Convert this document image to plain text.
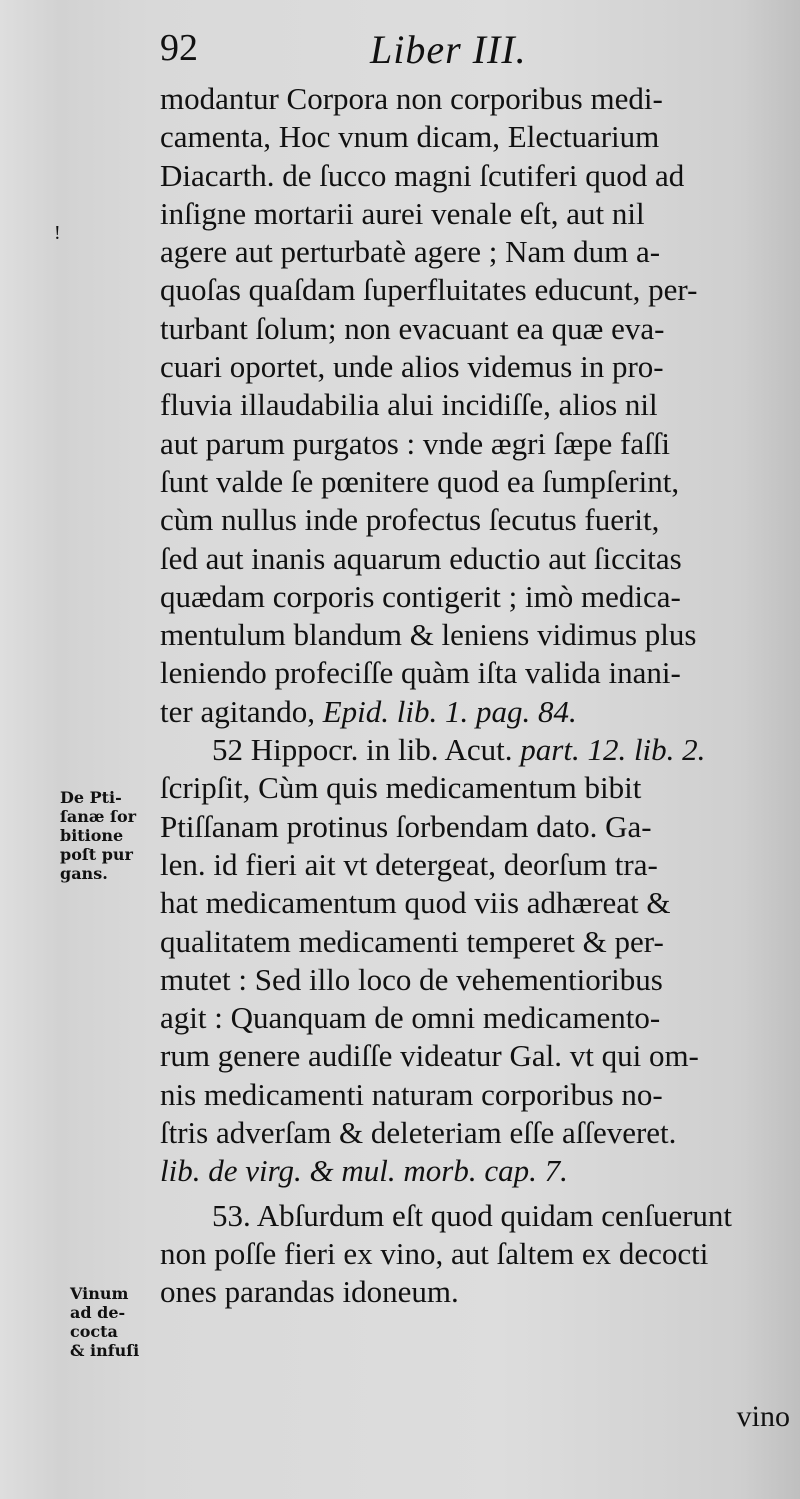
92	Liber III.
!
modantur Corpora non corporibus medi-
camenta, Hoc vnum dicam, Electuarium
Diacarth. de ſucco magni ſcutiferi quod ad
inſigne mortarii aurei venale eſt, aut nil
agere aut perturbatè agere ; Nam dum a-
quoſas quaſdam ſuperfluitates educunt, per-
turbant ſolum; non evacuant ea quæ eva-
cuari oportet, unde alios videmus in pro-
fluvia illaudabilia alui incidiſſe, alios nil
aut parum purgatos : vnde ægri ſæpe faſſi
ſunt valde ſe pœnitere quod ea ſumpſerint,
cùm nullus inde profectus ſecutus fuerit,
ſed aut inanis aquarum eductio aut ſiccitas
quædam corporis contigerit ; imò medica-
mentulum blandum & leniens vidimus plus
leniendo profeciſſe quàm iſta valida inani-
ter agitando, Epid. lib. 1. pag. 84.
52 Hippocr. in lib. Acut. part. 12. lib. 2.
ſcripſit, Cùm quis medicamentum bibit
Ptiſſanam protinus ſorbendam dato. Ga-
len. id fieri ait vt detergeat, deorſum tra-
hat medicamentum quod viis adhæreat &
qualitatem medicamenti temperet & per-
mutet : Sed illo loco de vehementioribus
agit : Quanquam de omni medicamento-
rum genere audiſſe videatur Gal. vt qui om-
nis medicamenti naturam corporibus no-
ſtris adverſam & deleteriam eſſe aſſeveret.
lib. de virg. & mul. morb. cap. 7.
53. Abſurdum eſt quod quidam cenſuerunt
non poſſe fieri ex vino, aut ſaltem ex decocti
ones parandas idoneum.
De Pti-
ſanæ ſor
bitione
poſt pur
gans.
Vinum
ad de-
cocta
& infuſi
vino
